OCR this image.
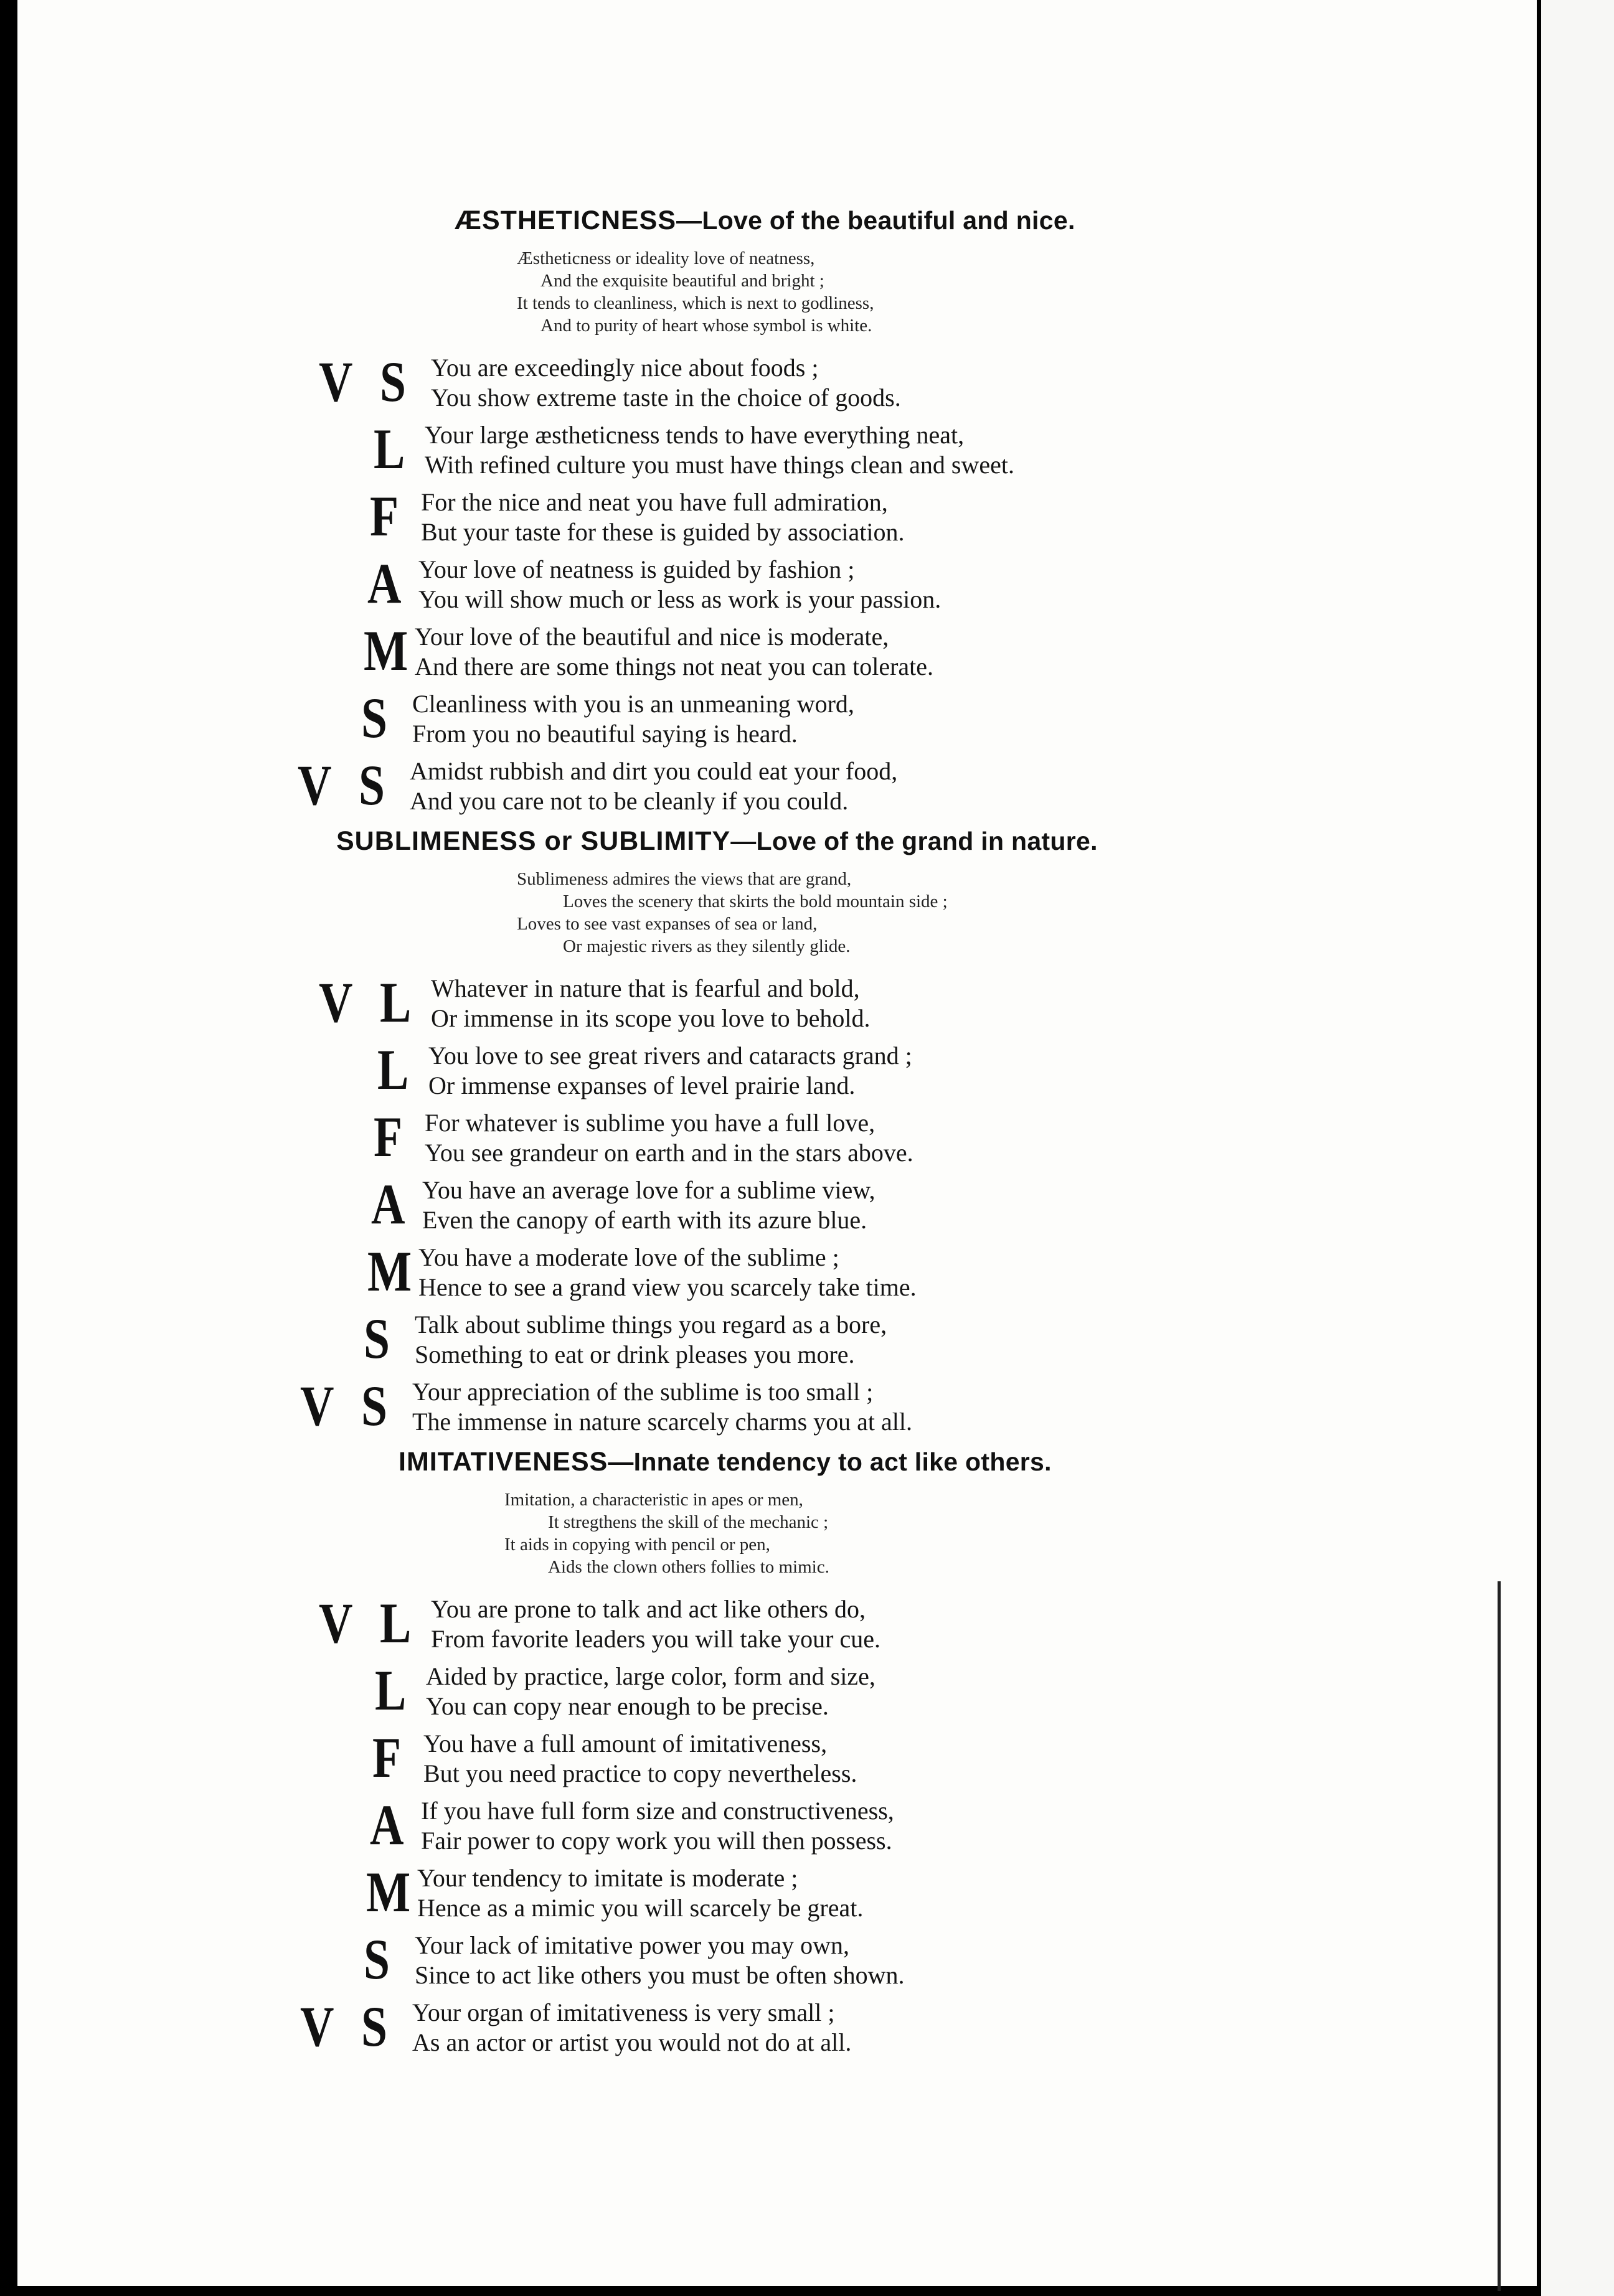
ÆSTHETICNESS—Love of the beautiful and nice.
Æstheticness or ideality love of neatness,
And the exquisite beautiful and bright ;
It tends to cleanliness, which is next to godliness,
And to purity of heart whose symbol is white.
V S You are exceedingly nice about foods ;
You show extreme taste in the choice of goods.
L Your large æstheticness tends to have everything neat,
With refined culture you must have things clean and sweet.
F For the nice and neat you have full admiration,
But your taste for these is guided by association.
A Your love of neatness is guided by fashion ;
You will show much or less as work is your passion.
M Your love of the beautiful and nice is moderate,
And there are some things not neat you can tolerate.
S Cleanliness with you is an unmeaning word,
From you no beautiful saying is heard.
V S Amidst rubbish and dirt you could eat your food,
And you care not to be cleanly if you could.
SUBLIMENESS or SUBLIMITY—Love of the grand in nature.
Sublimeness admires the views that are grand,
Loves the scenery that skirts the bold mountain side ;
Loves to see vast expanses of sea or land,
Or majestic rivers as they silently glide.
V L Whatever in nature that is fearful and bold,
Or immense in its scope you love to behold.
L You love to see great rivers and cataracts grand ;
Or immense expanses of level prairie land.
F For whatever is sublime you have a full love,
You see grandeur on earth and in the stars above.
A You have an average love for a sublime view,
Even the canopy of earth with its azure blue.
M You have a moderate love of the sublime ;
Hence to see a grand view you scarcely take time.
S Talk about sublime things you regard as a bore,
Something to eat or drink pleases you more.
V S Your appreciation of the sublime is too small ;
The immense in nature scarcely charms you at all.
IMITATIVENESS—Innate tendency to act like others.
Imitation, a characteristic in apes or men,
It stregthens the skill of the mechanic ;
It aids in copying with pencil or pen,
Aids the clown others follies to mimic.
V L You are prone to talk and act like others do,
From favorite leaders you will take your cue.
L Aided by practice, large color, form and size,
You can copy near enough to be precise.
F You have a full amount of imitativeness,
But you need practice to copy nevertheless.
A If you have full form size and constructiveness,
Fair power to copy work you will then possess.
M Your tendency to imitate is moderate ;
Hence as a mimic you will scarcely be great.
S Your lack of imitative power you may own,
Since to act like others you must be often shown.
V S Your organ of imitativeness is very small ;
As an actor or artist you would not do at all.
